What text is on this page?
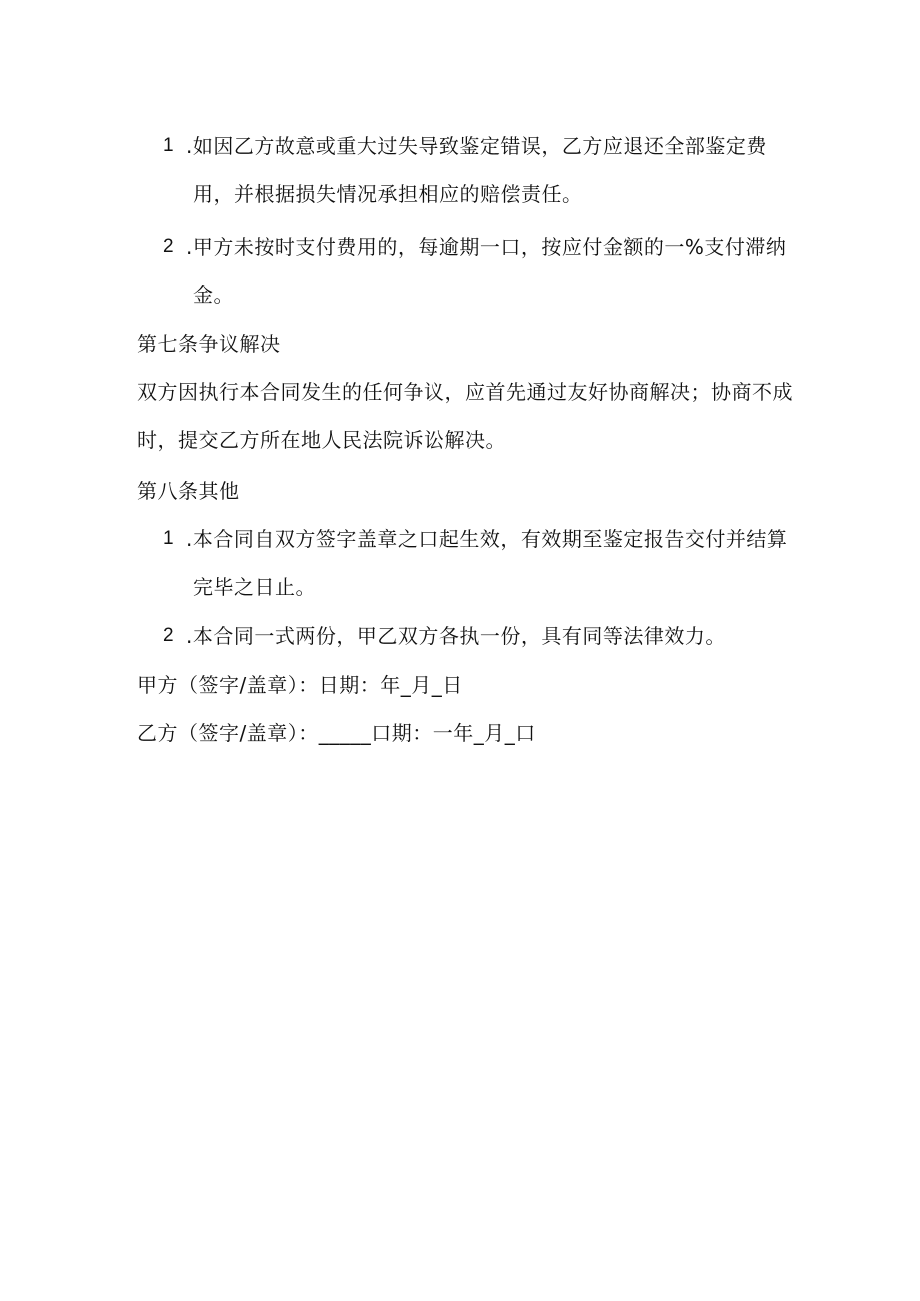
1 .如因乙方故意或重大过失导致鉴定错误，乙方应退还全部鉴定费
用，并根据损失情况承担相应的赔偿责任。
2 .甲方未按时支付费用的，每逾期一口，按应付金额的一%支付滞纳
金。
第七条争议解决
双方因执行本合同发生的任何争议，应首先通过友好协商解决；协商不成
时，提交乙方所在地人民法院诉讼解决。
第八条其他
1 .本合同自双方签字盖章之口起生效，有效期至鉴定报告交付并结算
完毕之日止。
2 .本合同一式两份，甲乙双方各执一份，具有同等法律效力。
甲方（签字/盖章）：日期：年_月_日
乙方（签字/盖章）：_____口期：一年_月_口
